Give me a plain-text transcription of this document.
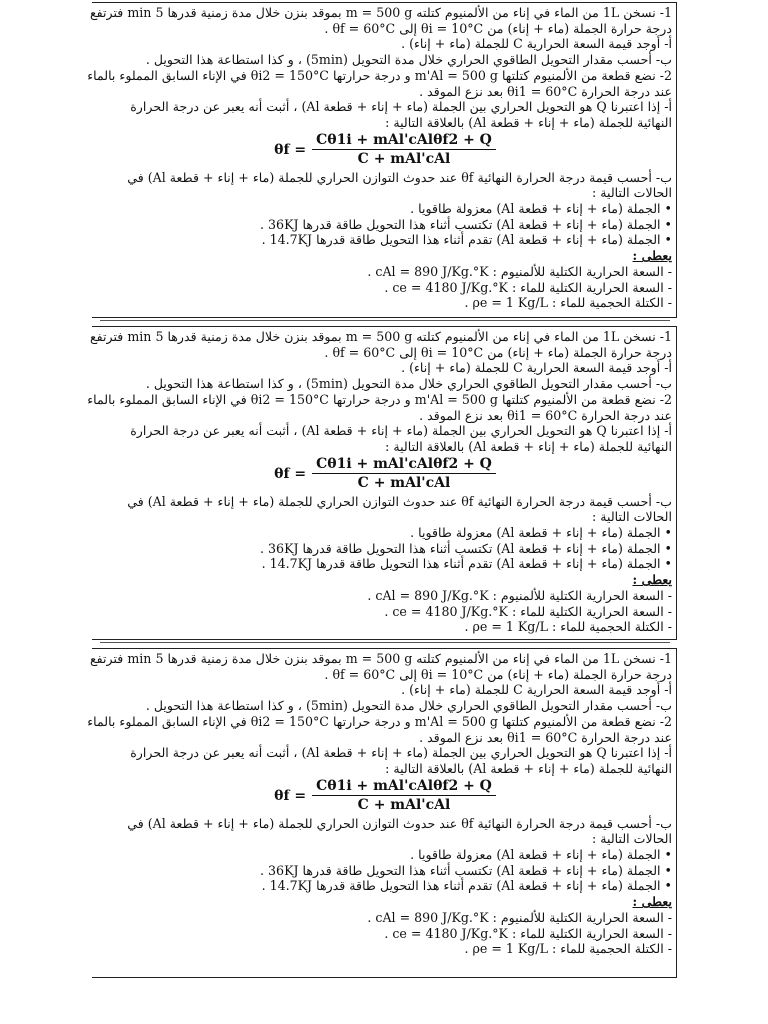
1- نسخن 1L من الماء في إناء من الألمنيوم كتلته m = 500 g بموقد بنزن خلال مدة زمنية قدرها 5 min فترتفع
درجة حرارة الجملة (ماء + إناء) من θi = 10°C إلى θf = 60°C .
أ- أوجد قيمة السعة الحرارية C للجملة (ماء + إناء) .
ب- أحسب مقدار التحويل الطاقوي الحراري خلال مدة التحويل (5min) ، و كذا استطاعة هذا التحويل .
2- نضع قطعة من الألمنيوم كتلتها m'Al = 500 g و درجة حرارتها θi2 = 150°C في الإناء السابق المملوء بالماء
عند درجة الحرارة θi1 = 60°C بعد نزع الموقد .
أ- إذا اعتبرنا Q هو التحويل الحراري بين الجملة (ماء + إناء + قطعة Al) ، أثبت أنه يعبر عن درجة الحرارة
النهائية للجملة (ماء + إناء + قطعة Al) بالعلاقة التالية :
$\theta f = \frac{\text{Cθ1i + mAl'cAlθf2 + Q}}{\text{C + mAl'cAl}}$
ب- أحسب قيمة درجة الحرارة النهائية θf عند حدوث التوازن الحراري للجملة (ماء + إناء + قطعة Al) في
الحالات التالية :
• الجملة (ماء + إناء + قطعة Al) معزولة طاقويا .
• الجملة (ماء + إناء + قطعة Al) تكتسب أثناء هذا التحويل طاقة قدرها 36KJ .
• الجملة (ماء + إناء + قطعة Al) تقدم أثناء هذا التحويل طاقة قدرها 14.7KJ .
يعطى :
- السعة الحرارية الكتلية للألمنيوم : cAl = 890 J/Kg.°K .
- السعة الحرارية الكتلية للماء : ce = 4180 J/Kg.°K .
- الكتلة الحجمية للماء : ρe = 1 Kg/L .
1- نسخن 1L من الماء في إناء من الألمنيوم كتلته m = 500 g بموقد بنزن خلال مدة زمنية قدرها 5 min فترتفع
درجة حرارة الجملة (ماء + إناء) من θi = 10°C إلى θf = 60°C .
أ- أوجد قيمة السعة الحرارية C للجملة (ماء + إناء) .
ب- أحسب مقدار التحويل الطاقوي الحراري خلال مدة التحويل (5min) ، و كذا استطاعة هذا التحويل .
2- نضع قطعة من الألمنيوم كتلتها m'Al = 500 g و درجة حرارتها θi2 = 150°C في الإناء السابق المملوء بالماء
عند درجة الحرارة θi1 = 60°C بعد نزع الموقد .
أ- إذا اعتبرنا Q هو التحويل الحراري بين الجملة (ماء + إناء + قطعة Al) ، أثبت أنه يعبر عن درجة الحرارة
النهائية للجملة (ماء + إناء + قطعة Al) بالعلاقة التالية :
$\theta f = \frac{\text{Cθ1i + mAl'cAlθf2 + Q}}{\text{C + mAl'cAl}}$
ب- أحسب قيمة درجة الحرارة النهائية θf عند حدوث التوازن الحراري للجملة (ماء + إناء + قطعة Al) في
الحالات التالية :
• الجملة (ماء + إناء + قطعة Al) معزولة طاقويا .
• الجملة (ماء + إناء + قطعة Al) تكتسب أثناء هذا التحويل طاقة قدرها 36KJ .
• الجملة (ماء + إناء + قطعة Al) تقدم أثناء هذا التحويل طاقة قدرها 14.7KJ .
يعطى :
- السعة الحرارية الكتلية للألمنيوم : cAl = 890 J/Kg.°K .
- السعة الحرارية الكتلية للماء : ce = 4180 J/Kg.°K .
- الكتلة الحجمية للماء : ρe = 1 Kg/L .
1- نسخن 1L من الماء في إناء من الألمنيوم كتلته m = 500 g بموقد بنزن خلال مدة زمنية قدرها 5 min فترتفع
درجة حرارة الجملة (ماء + إناء) من θi = 10°C إلى θf = 60°C .
أ- أوجد قيمة السعة الحرارية C للجملة (ماء + إناء) .
ب- أحسب مقدار التحويل الطاقوي الحراري خلال مدة التحويل (5min) ، و كذا استطاعة هذا التحويل .
2- نضع قطعة من الألمنيوم كتلتها m'Al = 500 g و درجة حرارتها θi2 = 150°C في الإناء السابق المملوء بالماء
عند درجة الحرارة θi1 = 60°C بعد نزع الموقد .
أ- إذا اعتبرنا Q هو التحويل الحراري بين الجملة (ماء + إناء + قطعة Al) ، أثبت أنه يعبر عن درجة الحرارة
النهائية للجملة (ماء + إناء + قطعة Al) بالعلاقة التالية :
$\theta f = \frac{\text{Cθ1i + mAl'cAlθf2 + Q}}{\text{C + mAl'cAl}}$
ب- أحسب قيمة درجة الحرارة النهائية θf عند حدوث التوازن الحراري للجملة (ماء + إناء + قطعة Al) في
الحالات التالية :
• الجملة (ماء + إناء + قطعة Al) معزولة طاقويا .
• الجملة (ماء + إناء + قطعة Al) تكتسب أثناء هذا التحويل طاقة قدرها 36KJ .
• الجملة (ماء + إناء + قطعة Al) تقدم أثناء هذا التحويل طاقة قدرها 14.7KJ .
يعطى :
- السعة الحرارية الكتلية للألمنيوم : cAl = 890 J/Kg.°K .
- السعة الحرارية الكتلية للماء : ce = 4180 J/Kg.°K .
- الكتلة الحجمية للماء : ρe = 1 Kg/L .
